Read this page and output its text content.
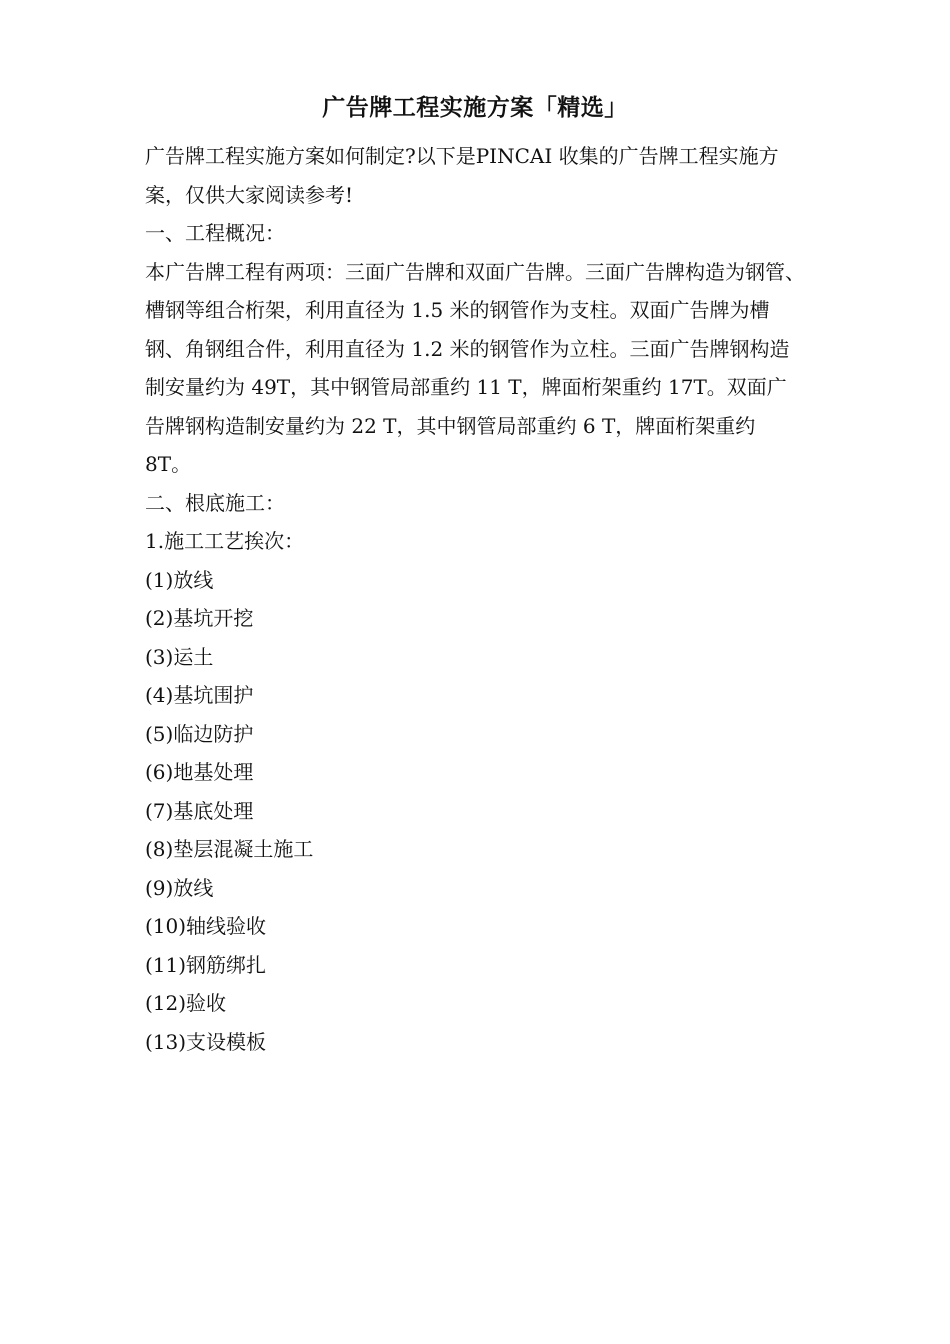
广告牌工程实施方案「精选」

广告牌工程实施方案如何制定?以下是PINCAI 收集的广告牌工程实施方案，仅供大家阅读参考!

一、工程概况：

本广告牌工程有两项：三面广告牌和双面广告牌。三面广告牌构造为钢管、槽钢等组合桁架，利用直径为 1.5 米的钢管作为支柱。双面广告牌为槽钢、角钢组合件，利用直径为 1.2 米的钢管作为立柱。三面广告牌钢构造制安量约为 49T，其中钢管局部重约 11 T，牌面桁架重约 17T。双面广告牌钢构造制安量约为 22 T，其中钢管局部重约 6 T，牌面桁架重约 8T。

二、根底施工：

1.施工工艺挨次：

(1)放线

(2)基坑开挖

(3)运土

(4)基坑围护

(5)临边防护

(6)地基处理

(7)基底处理

(8)垫层混凝土施工

(9)放线

(10)轴线验收

(11)钢筋绑扎

(12)验收

(13)支设模板
